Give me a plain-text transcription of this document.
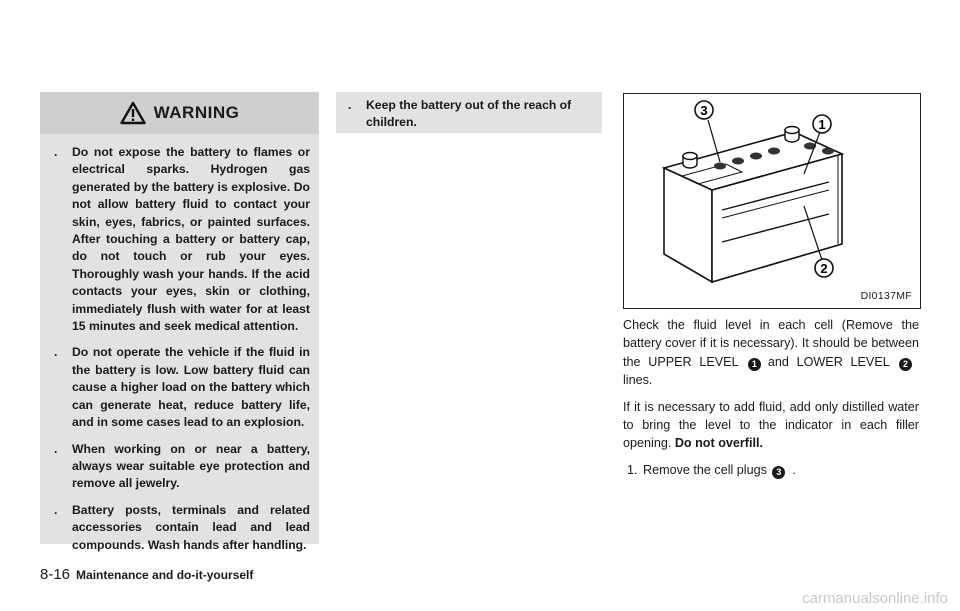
WARNING
. Do not expose the battery to flames or electrical sparks. Hydrogen gas generated by the battery is explosive. Do not allow battery fluid to contact your skin, eyes, fabrics, or painted surfaces. After touching a battery or battery cap, do not touch or rub your eyes. Thoroughly wash your hands. If the acid contacts your eyes, skin or clothing, immediately flush with water for at least 15 minutes and seek medical attention.
. Do not operate the vehicle if the fluid in the battery is low. Low battery fluid can cause a higher load on the battery which can generate heat, reduce battery life, and in some cases lead to an explosion.
. When working on or near a battery, always wear suitable eye protection and remove all jewelry.
. Battery posts, terminals and related accessories contain lead and lead compounds. Wash hands after handling.
. Keep the battery out of the reach of children.
3
1
2
DI0137MF

Check the fluid level in each cell (Remove the battery cover if it is necessary). It should be between the UPPER LEVEL 1 and LOWER LEVEL 2lines.

If it is necessary to add fluid, add only distilled water to bring the level to the indicator in each filler opening. Do not overfill.

1. Remove the cell plugs 3 .
8-16 Maintenance and do-it-yourself
carmanualsonline.info
